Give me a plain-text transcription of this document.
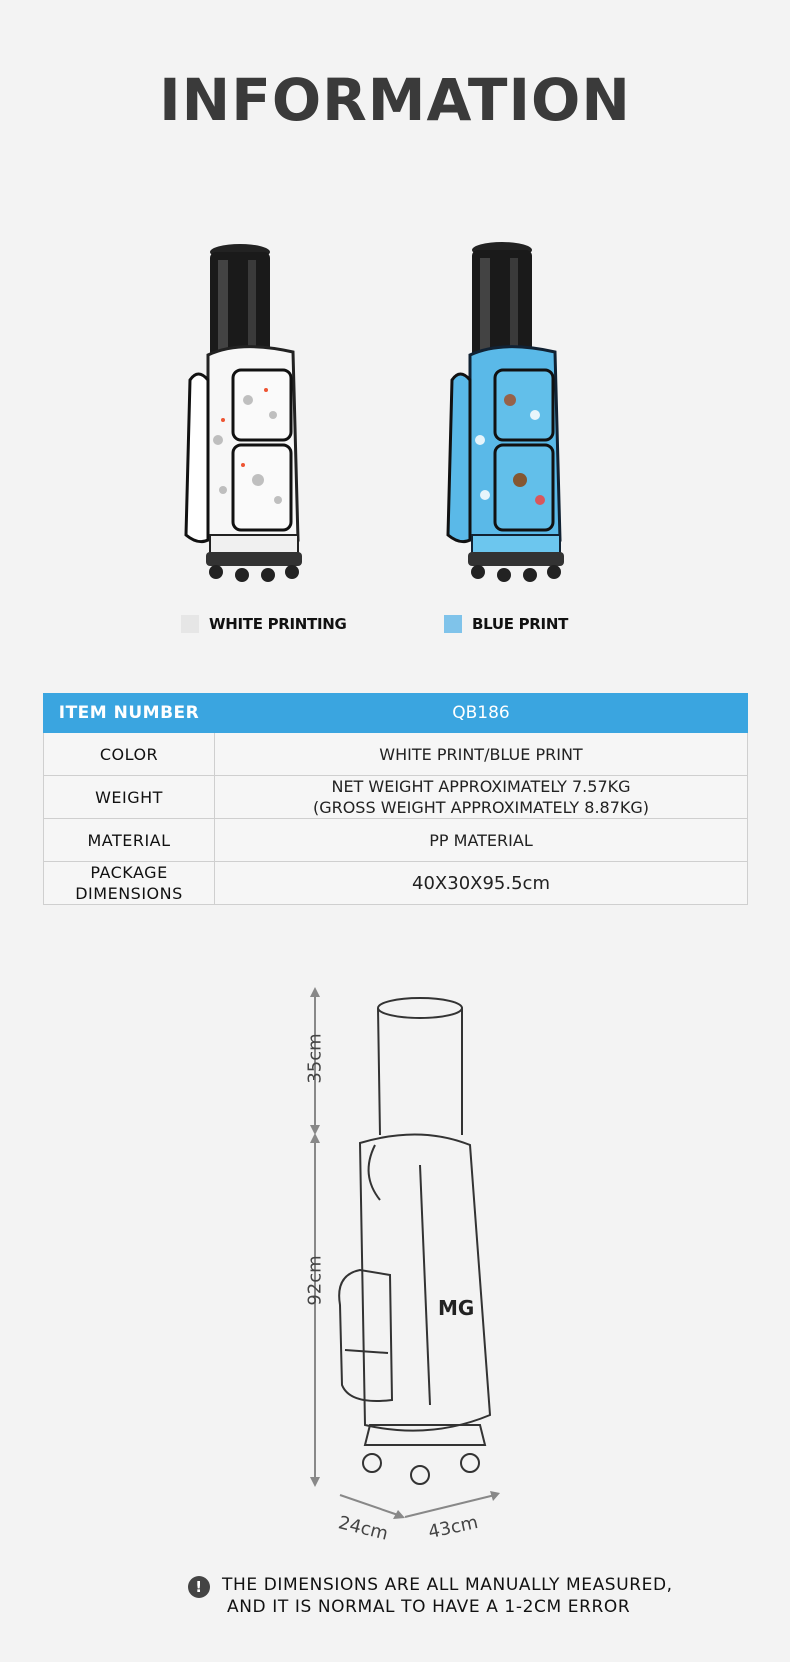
INFORMATION
WHITE PRINTING	BLUE PRINT
ITEM NUMBER	QB186
COLOR	WHITE PRINT/BLUE PRINT
WEIGHT	NET WEIGHT APPROXIMATELY 7.57KG
(GROSS WEIGHT APPROXIMATELY 8.87KG)

MATERIAL	PP MATERIAL

PACKAGE
DIMENSIONS	40X30X95.5cm
MG
35cm
92cm
24cm 43cm
!	THE DIMENSIONS ARE ALL MANUALLY MEASURED,
AND IT IS NORMAL TO HAVE A 1-2CM ERROR
